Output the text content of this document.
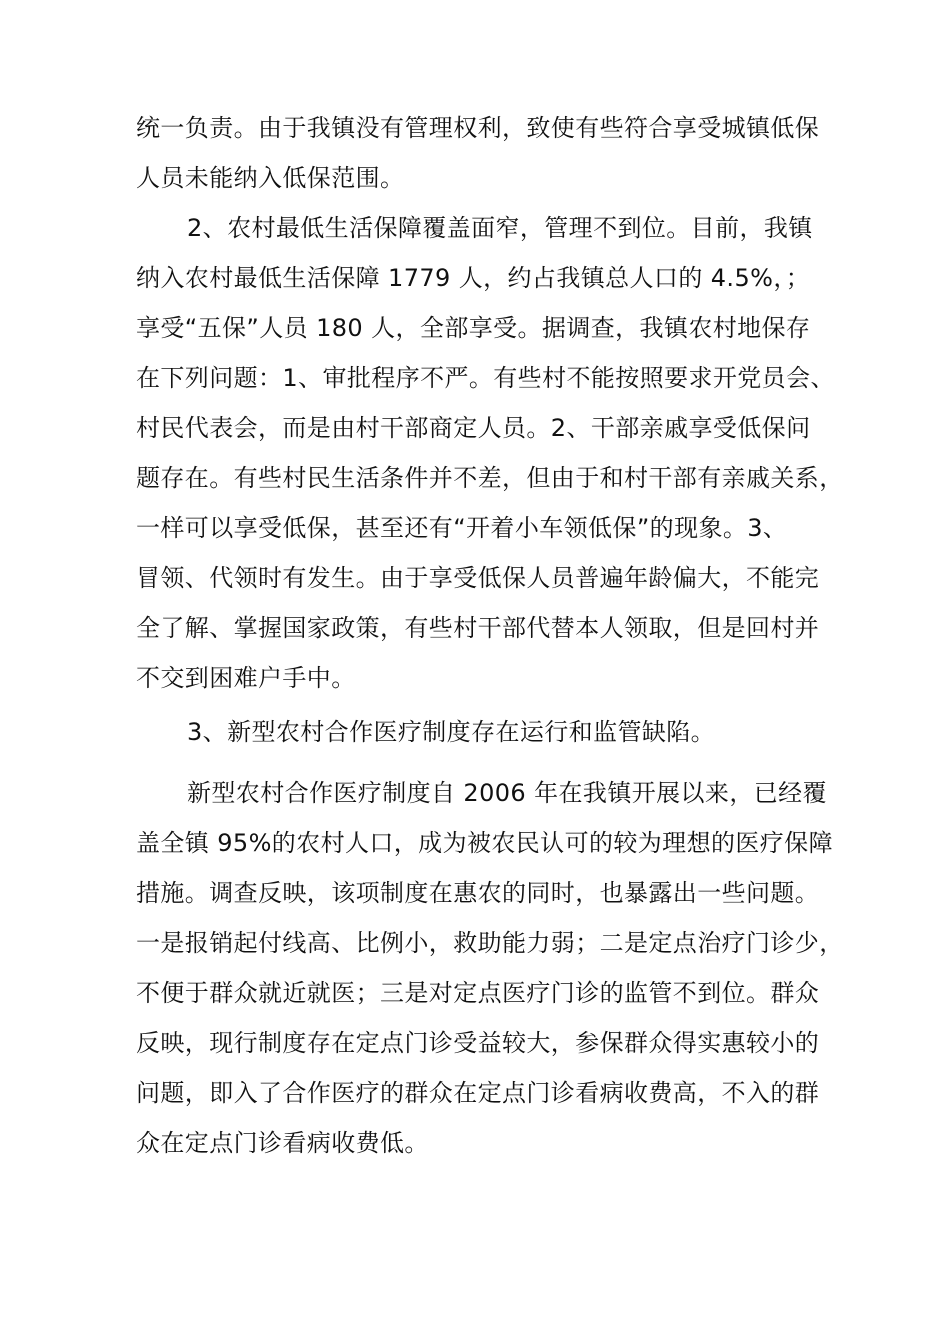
统一负责。由于我镇没有管理权利，致使有些符合享受城镇低保
人员未能纳入低保范围。
2、农村最低生活保障覆盖面窄，管理不到位。目前，我镇
纳入农村最低生活保障 1779 人，约占我镇总人口的 4.5%，；
享受“五保”人员 180 人，全部享受。据调查，我镇农村地保存
在下列问题：1、审批程序不严。有些村不能按照要求开党员会、
村民代表会，而是由村干部商定人员。2、干部亲戚享受低保问
题存在。有些村民生活条件并不差，但由于和村干部有亲戚关系，
一样可以享受低保，甚至还有“开着小车领低保”的现象。3、
冒领、代领时有发生。由于享受低保人员普遍年龄偏大，不能完
全了解、掌握国家政策，有些村干部代替本人领取，但是回村并
不交到困难户手中。
3、新型农村合作医疗制度存在运行和监管缺陷。
新型农村合作医疗制度自 2006 年在我镇开展以来，已经覆
盖全镇 95%的农村人口，成为被农民认可的较为理想的医疗保障
措施。调查反映，该项制度在惠农的同时，也暴露出一些问题。
一是报销起付线高、比例小，救助能力弱；二是定点治疗门诊少，
不便于群众就近就医；三是对定点医疗门诊的监管不到位。群众
反映，现行制度存在定点门诊受益较大，参保群众得实惠较小的
问题，即入了合作医疗的群众在定点门诊看病收费高，不入的群
众在定点门诊看病收费低。
